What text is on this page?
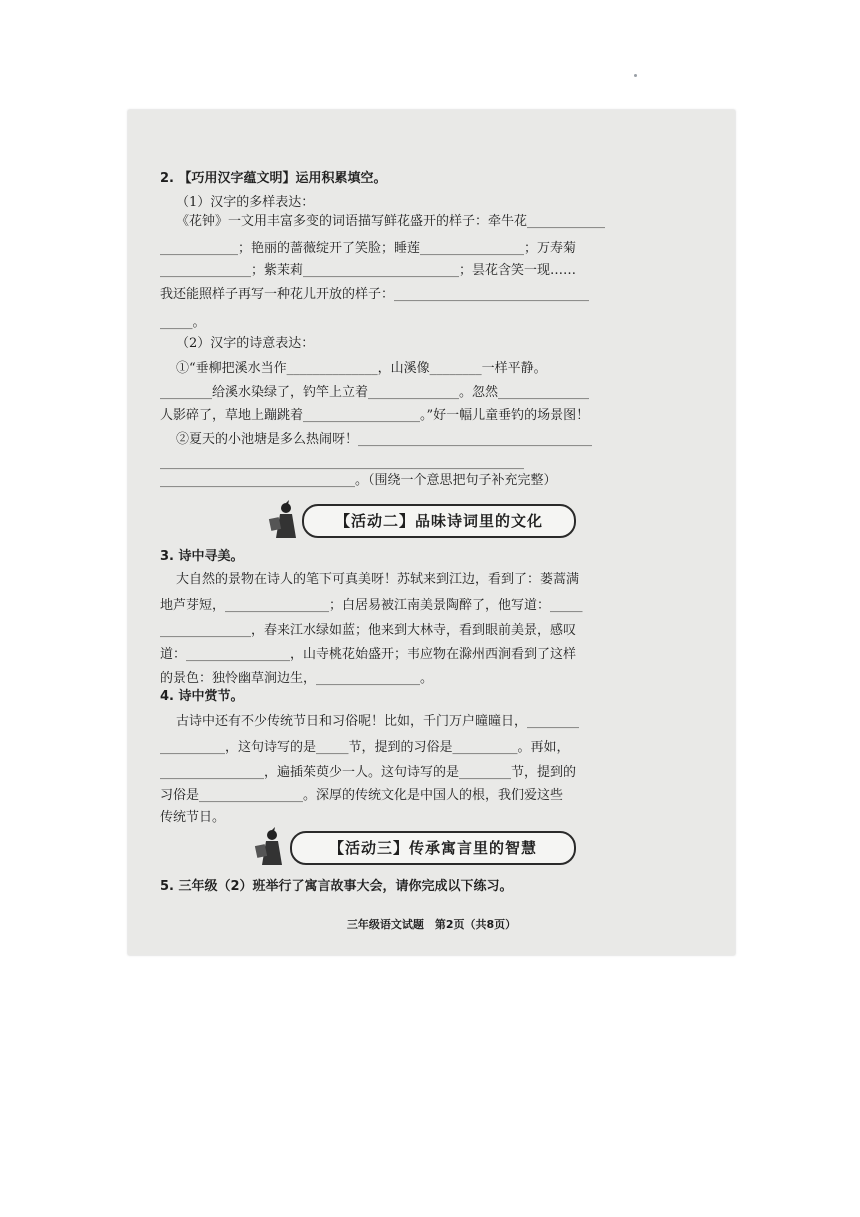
2. 【巧用汉字蕴文明】运用积累填空。
（1）汉字的多样表达：
《花钟》一文用丰富多变的词语描写鲜花盛开的样子：牵牛花____________
____________；艳丽的蔷薇绽开了笑脸；睡莲________________；万寿菊
______________；紫茉莉________________________；昙花含笑一现……
我还能照样子再写一种花儿开放的样子：______________________________
_____。
（2）汉字的诗意表达：
①“垂柳把溪水当作______________，山溪像________一样平静。
________给溪水染绿了，钓竿上立着______________。忽然______________
人影碎了，草地上蹦跳着__________________。”好一幅儿童垂钓的场景图！
②夏天的小池塘是多么热闹呀！____________________________________
________________________________________________________
______________________________。（围绕一个意思把句子补充完整）
【活动二】品味诗词里的文化
3. 诗中寻美。
大自然的景物在诗人的笔下可真美呀！苏轼来到江边，看到了：蒌蒿满
地芦芽短，________________；白居易被江南美景陶醉了，他写道：_____
______________，春来江水绿如蓝；他来到大林寺，看到眼前美景，感叹
道：________________，山寺桃花始盛开；韦应物在滁州西涧看到了这样
的景色：独怜幽草涧边生，________________。
4. 诗中赏节。
古诗中还有不少传统节日和习俗呢！比如，千门万户曈曈日，________
__________，这句诗写的是_____节，提到的习俗是__________。再如，
________________，遍插茱萸少一人。这句诗写的是________节，提到的
习俗是________________。深厚的传统文化是中国人的根，我们爱这些
传统节日。
【活动三】传承寓言里的智慧
5. 三年级（2）班举行了寓言故事大会，请你完成以下练习。
三年级语文试题　第2页（共8页）
